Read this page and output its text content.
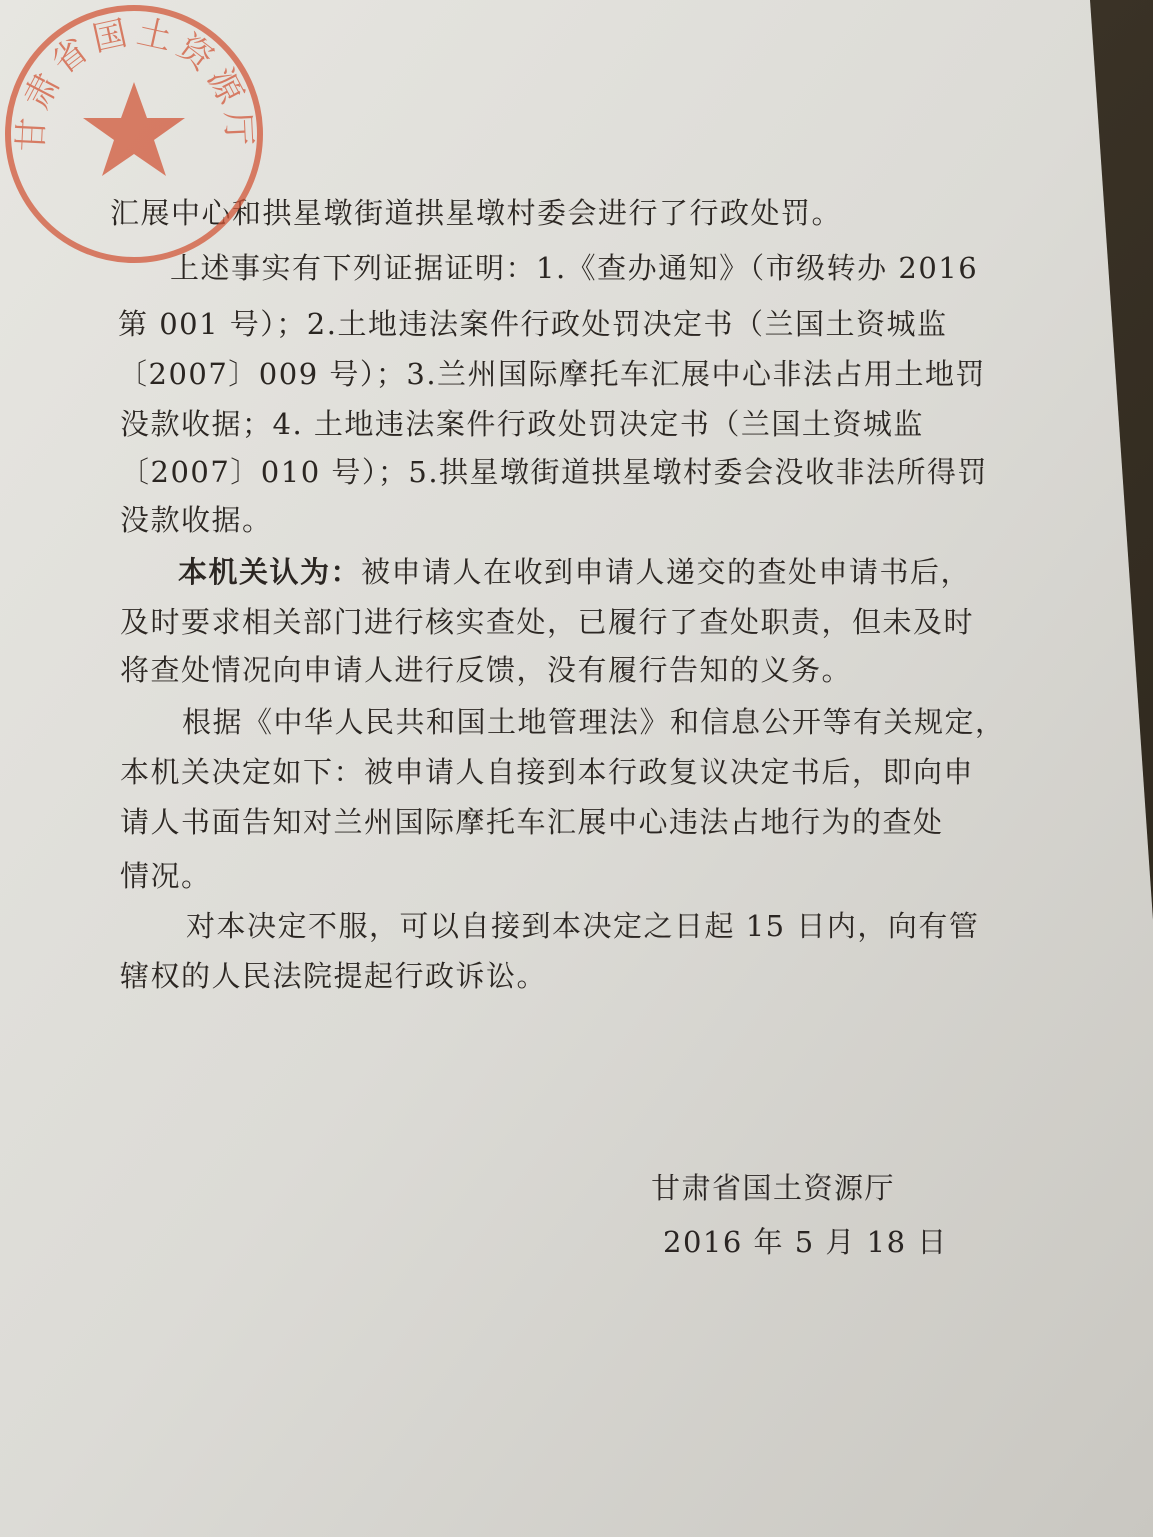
汇展中心和拱星墩街道拱星墩村委会进行了行政处罚。
上述事实有下列证据证明：1.《查办通知》（市级转办 2016
第 001 号）；2.土地违法案件行政处罚决定书（兰国土资城监
〔2007〕009 号）；3.兰州国际摩托车汇展中心非法占用土地罚
没款收据；4. 土地违法案件行政处罚决定书（兰国土资城监
〔2007〕010 号）；5.拱星墩街道拱星墩村委会没收非法所得罚
没款收据。
本机关认为：被申请人在收到申请人递交的查处申请书后，
及时要求相关部门进行核实查处，已履行了查处职责，但未及时
将查处情况向申请人进行反馈，没有履行告知的义务。
根据《中华人民共和国土地管理法》和信息公开等有关规定，
本机关决定如下：被申请人自接到本行政复议决定书后，即向申
请人书面告知对兰州国际摩托车汇展中心违法占地行为的查处
情况。
对本决定不服，可以自接到本决定之日起 15 日内，向有管
辖权的人民法院提起行政诉讼。
甘肃省国土资源厅
甘肃省国土资源厅
2016 年 5 月 18 日
